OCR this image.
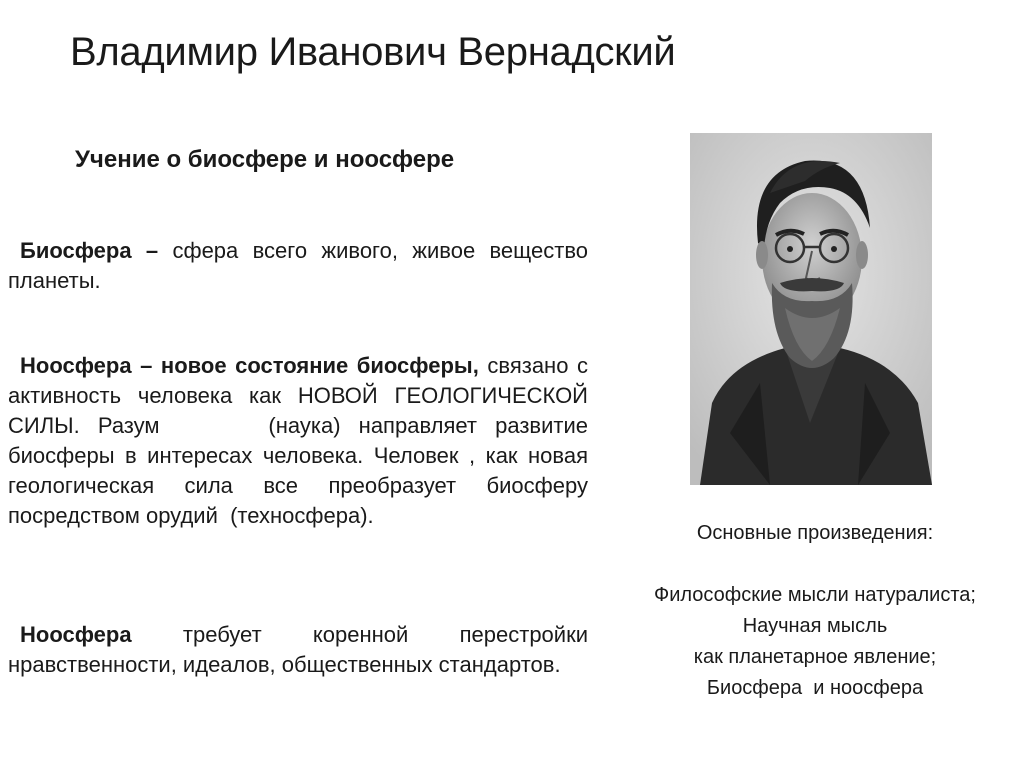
Владимир Иванович Вернадский
Учение о биосфере и ноосфере

Биосфера – сфера всего живого, живое вещество планеты.

Ноосфера – новое состояние биосферы, связано с активность человека как НОВОЙ ГЕОЛОГИЧЕСКОЙ СИЛЫ. Разум      (наука) направляет развитие биосферы в интересах человека. Человек , как новая геологическая сила все преобразует биосферу посредством орудий  (техносфера).

Ноосфера требует коренной перестройки нравственности, идеалов, общественных стандартов.

Основные произведения:

Философские мысли натуралиста;
Научная мысль
как планетарное явление;
Биосфера  и ноосфера
